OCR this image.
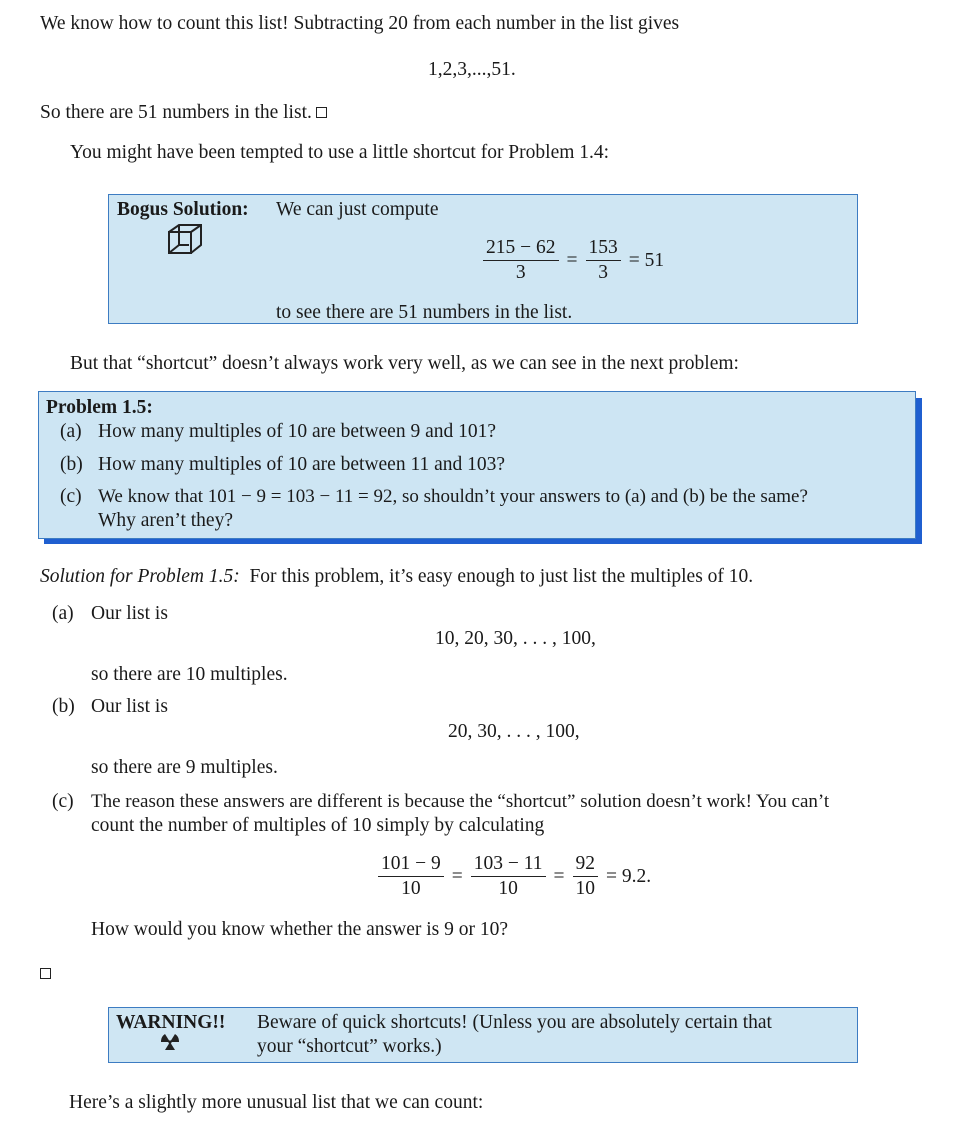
We know how to count this list! Subtracting 20 from each number in the list gives
1,2,3,...,51.
So there are 51 numbers in the list.
You might have been tempted to use a little shortcut for Problem 1.4:
Bogus Solution: We can just compute
$\frac{215 - 62}{3} = \frac{153}{3} = 51$
to see there are 51 numbers in the list.
But that “shortcut” doesn’t always work very well, as we can see in the next problem:
Problem 1.5:
(a) How many multiples of 10 are between 9 and 101?
(b) How many multiples of 10 are between 11 and 103?
(c) We know that 101 − 9 = 103 − 11 = 92, so shouldn’t your answers to (a) and (b) be the same?
Why aren’t they?
Solution for Problem 1.5: For this problem, it’s easy enough to just list the multiples of 10.
(a) Our list is
10, 20, 30, . . . , 100,
so there are 10 multiples.
(b) Our list is
20, 30, . . . , 100,
so there are 9 multiples.
(c) The reason these answers are different is because the “shortcut” solution doesn’t work! You can’t
count the number of multiples of 10 simply by calculating
$\frac{101 - 9}{10} = \frac{103 - 11}{10} = \frac{92}{10} = 9.2$.
How would you know whether the answer is 9 or 10?
WARNING!! Beware of quick shortcuts! (Unless you are absolutely certain that
your “shortcut” works.)
Here’s a slightly more unusual list that we can count:
